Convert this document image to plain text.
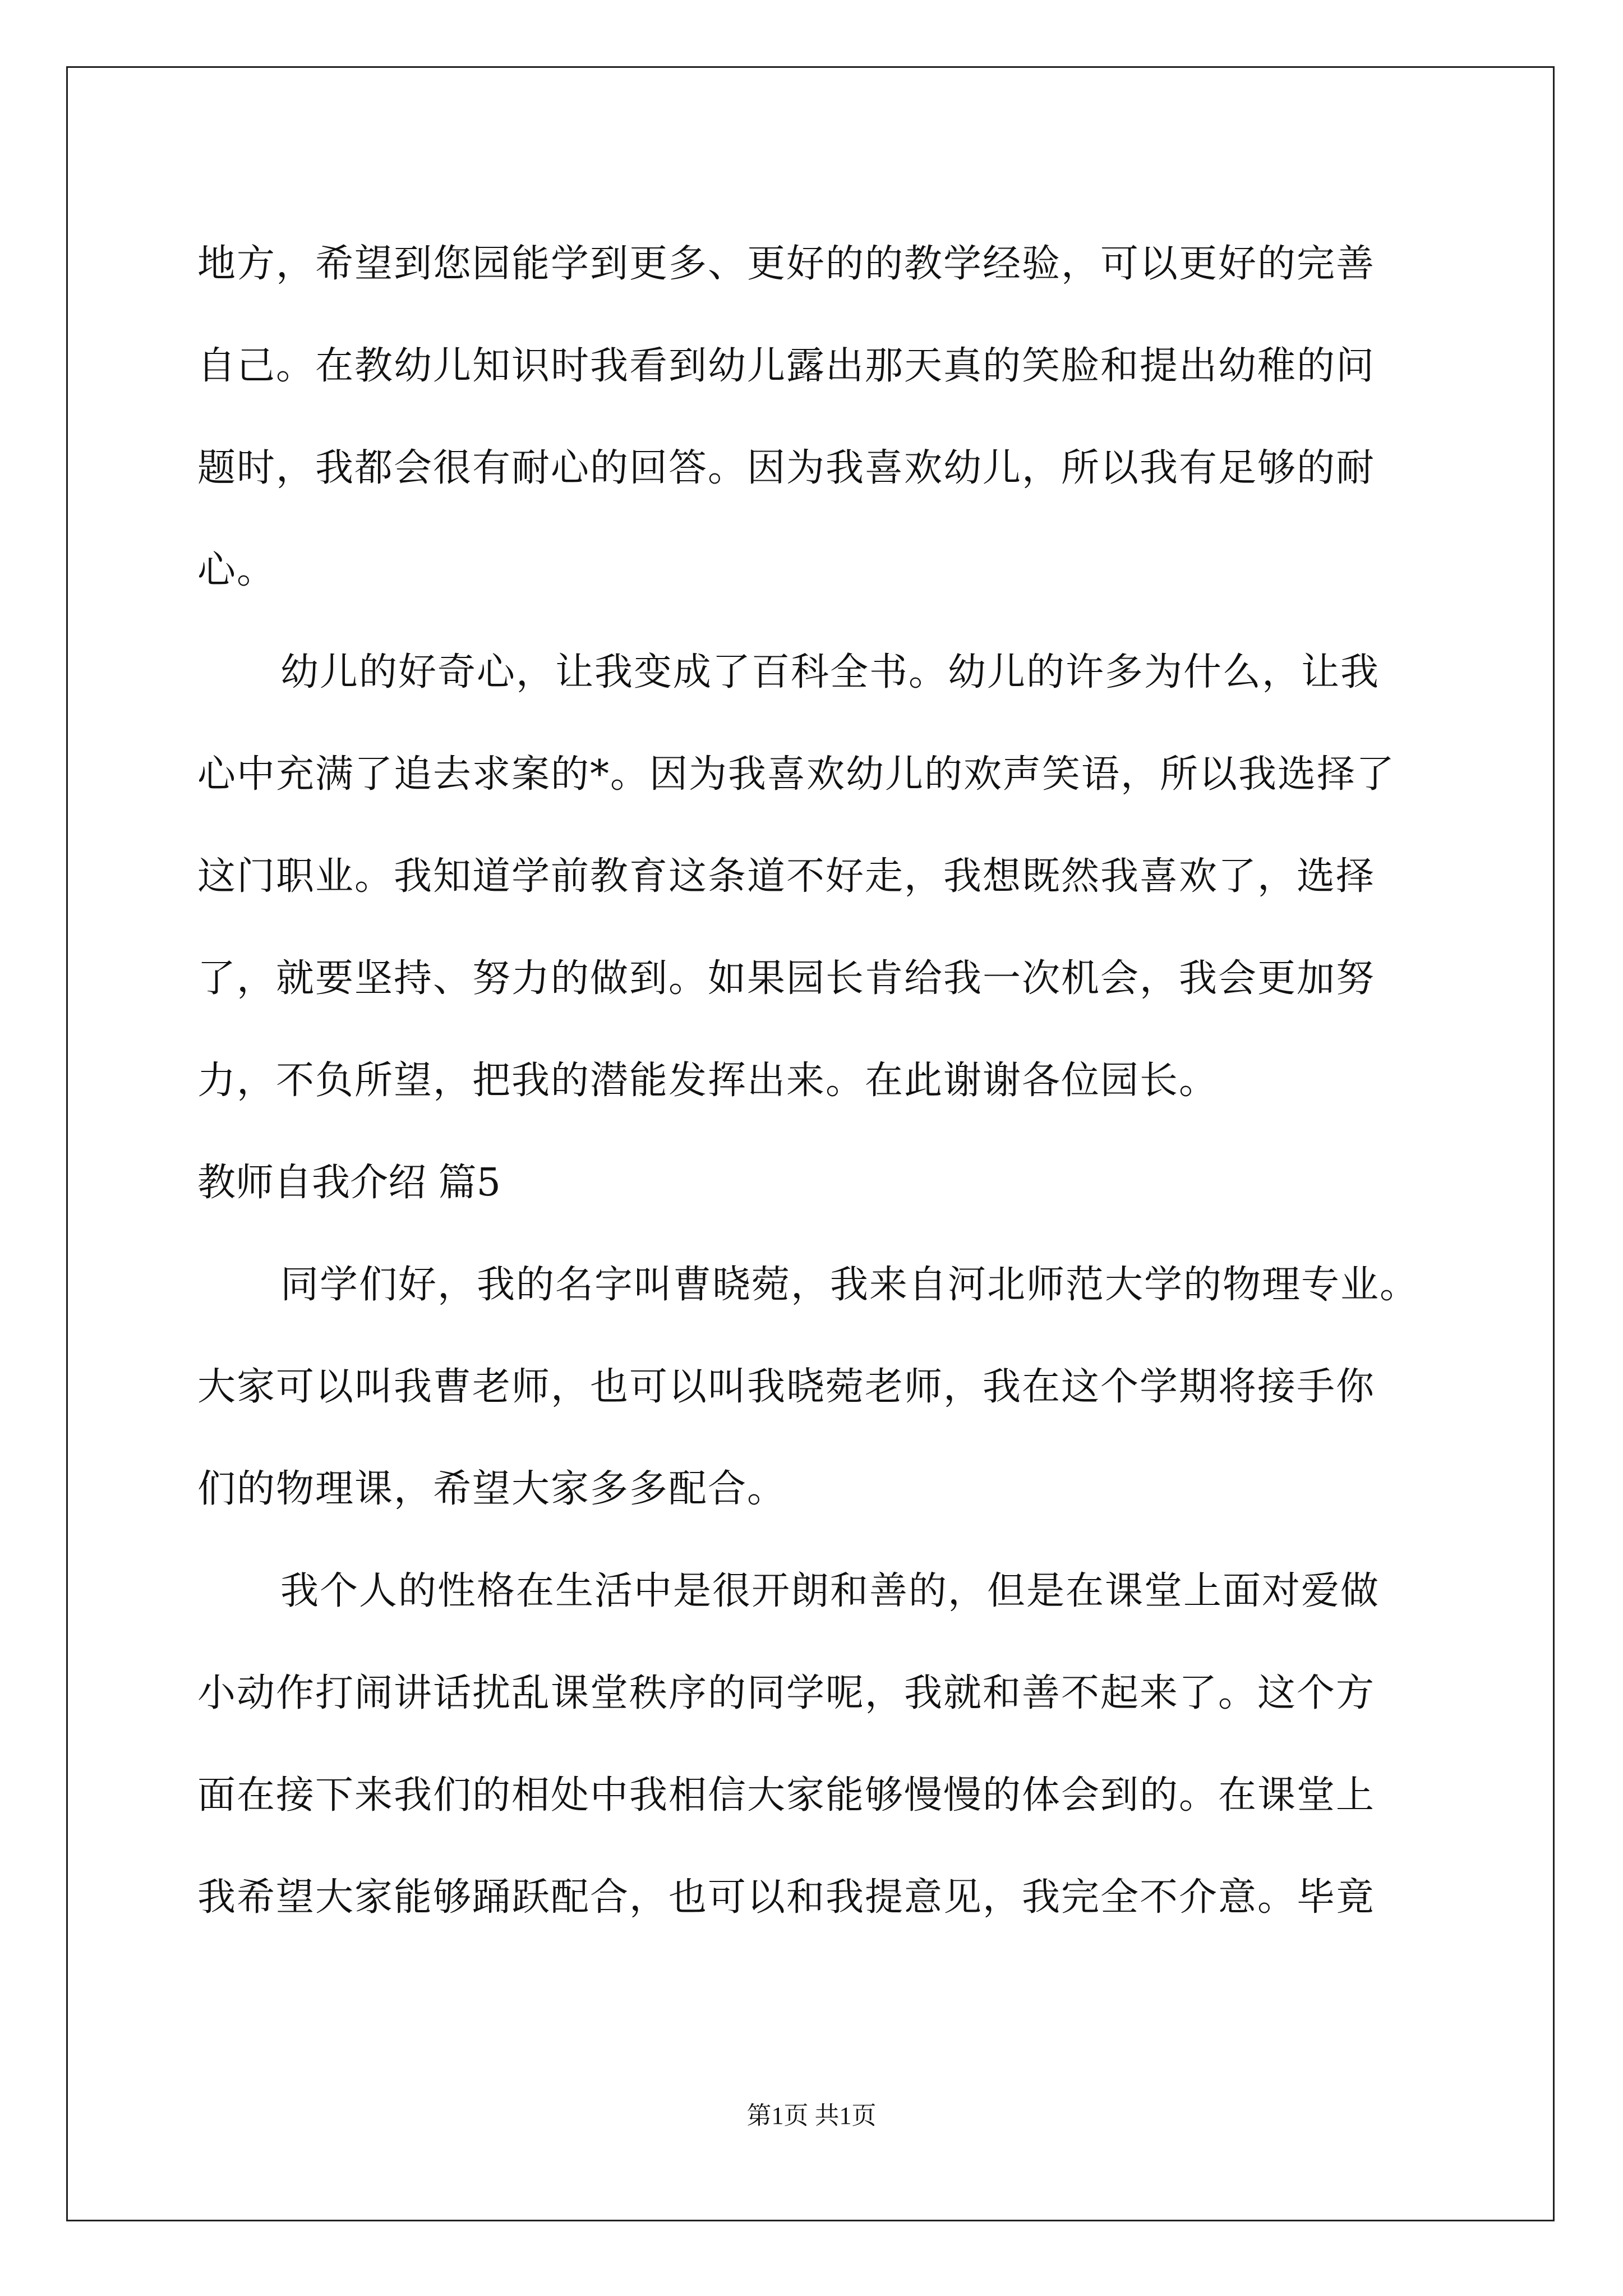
地方，希望到您园能学到更多、更好的的教学经验，可以更好的完善
自己。在教幼儿知识时我看到幼儿露出那天真的笑脸和提出幼稚的问
题时，我都会很有耐心的回答。因为我喜欢幼儿，所以我有足够的耐
心。
幼儿的好奇心，让我变成了百科全书。幼儿的许多为什么，让我
心中充满了追去求案的*。因为我喜欢幼儿的欢声笑语，所以我选择了
这门职业。我知道学前教育这条道不好走，我想既然我喜欢了，选择
了，就要坚持、努力的做到。如果园长肯给我一次机会，我会更加努
力，不负所望，把我的潜能发挥出来。在此谢谢各位园长。
教师自我介绍 篇5
同学们好，我的名字叫曹晓菀，我来自河北师范大学的物理专业。
大家可以叫我曹老师，也可以叫我晓菀老师，我在这个学期将接手你
们的物理课，希望大家多多配合。
我个人的性格在生活中是很开朗和善的，但是在课堂上面对爱做
小动作打闹讲话扰乱课堂秩序的同学呢，我就和善不起来了。这个方
面在接下来我们的相处中我相信大家能够慢慢的体会到的。在课堂上
我希望大家能够踊跃配合，也可以和我提意见，我完全不介意。毕竟
第1页 共1页
